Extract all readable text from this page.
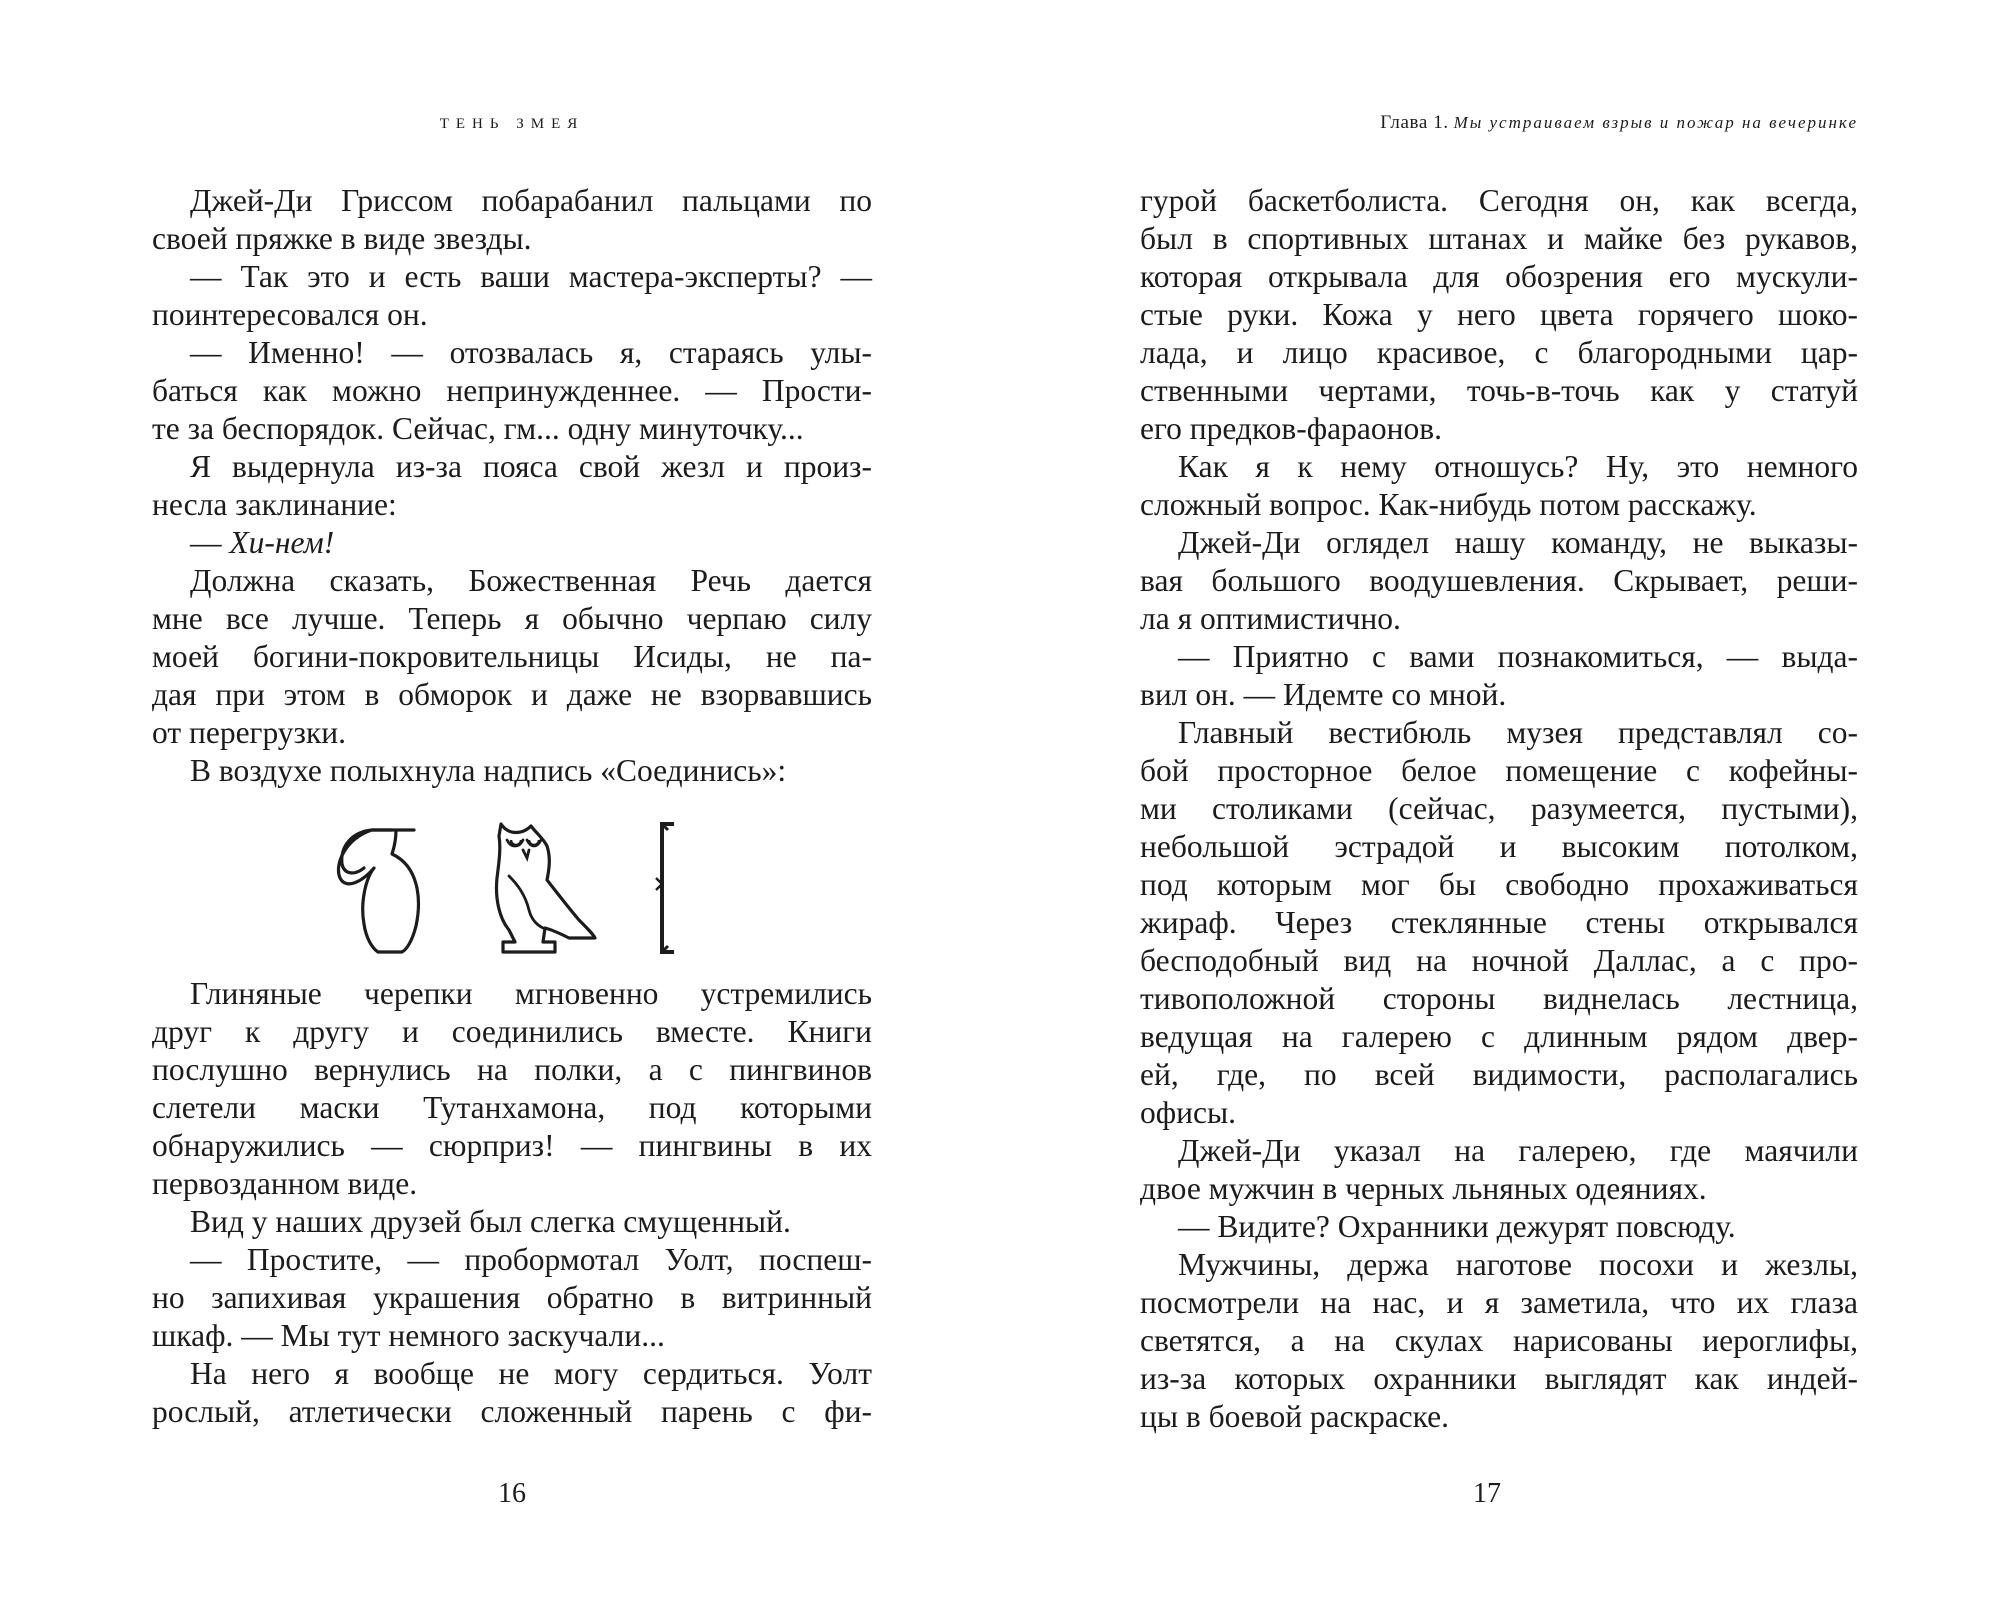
ТЕНЬ ЗМЕЯ
Джей-Ди Гриссом побарабанил пальцами по
своей пряжке в виде звезды.
— Так это и есть ваши мастера-эксперты? —
поинтересовался он.
— Именно! — отозвалась я, стараясь улы-
баться как можно непринужденнее. — Прости-
те за беспорядок. Сейчас, гм... одну минуточку...
Я выдернула из-за пояса свой жезл и произ-
несла заклинание:
— Хи-нем!
Должна сказать, Божественная Речь дается
мне все лучше. Теперь я обычно черпаю силу
моей богини-покровительницы Исиды, не па-
дая при этом в обморок и даже не взорвавшись
от перегрузки.
В воздухе полыхнула надпись «Соединись»:
Глиняные черепки мгновенно устремились
друг к другу и соединились вместе. Книги
послушно вернулись на полки, а с пингвинов
слетели маски Тутанхамона, под которыми
обнаружились — сюрприз! — пингвины в их
первозданном виде.
Вид у наших друзей был слегка смущенный.
— Простите, — пробормотал Уолт, поспеш-
но запихивая украшения обратно в витринный
шкаф. — Мы тут немного заскучали...
На него я вообще не могу сердиться. Уолт
рослый, атлетически сложенный парень с фи-
16
Глава 1. Мы устраиваем взрыв и пожар на вечеринке
гурой баскетболиста. Сегодня он, как всегда,
был в спортивных штанах и майке без рукавов,
которая открывала для обозрения его мускули-
стые руки. Кожа у него цвета горячего шоко-
лада, и лицо красивое, с благородными цар-
ственными чертами, точь-в-точь как у статуй
его предков-фараонов.
Как я к нему отношусь? Ну, это немного
сложный вопрос. Как-нибудь потом расскажу.
Джей-Ди оглядел нашу команду, не выказы-
вая большого воодушевления. Скрывает, реши-
ла я оптимистично.
— Приятно с вами познакомиться, — выда-
вил он. — Идемте со мной.
Главный вестибюль музея представлял со-
бой просторное белое помещение с кофейны-
ми столиками (сейчас, разумеется, пустыми),
небольшой эстрадой и высоким потолком,
под которым мог бы свободно прохаживаться
жираф. Через стеклянные стены открывался
бесподобный вид на ночной Даллас, а с про-
тивоположной стороны виднелась лестница,
ведущая на галерею с длинным рядом двер-
ей, где, по всей видимости, располагались
офисы.
Джей-Ди указал на галерею, где маячили
двое мужчин в черных льняных одеяниях.
— Видите? Охранники дежурят повсюду.
Мужчины, держа наготове посохи и жезлы,
посмотрели на нас, и я заметила, что их глаза
светятся, а на скулах нарисованы иероглифы,
из-за которых охранники выглядят как индей-
цы в боевой раскраске.
17
